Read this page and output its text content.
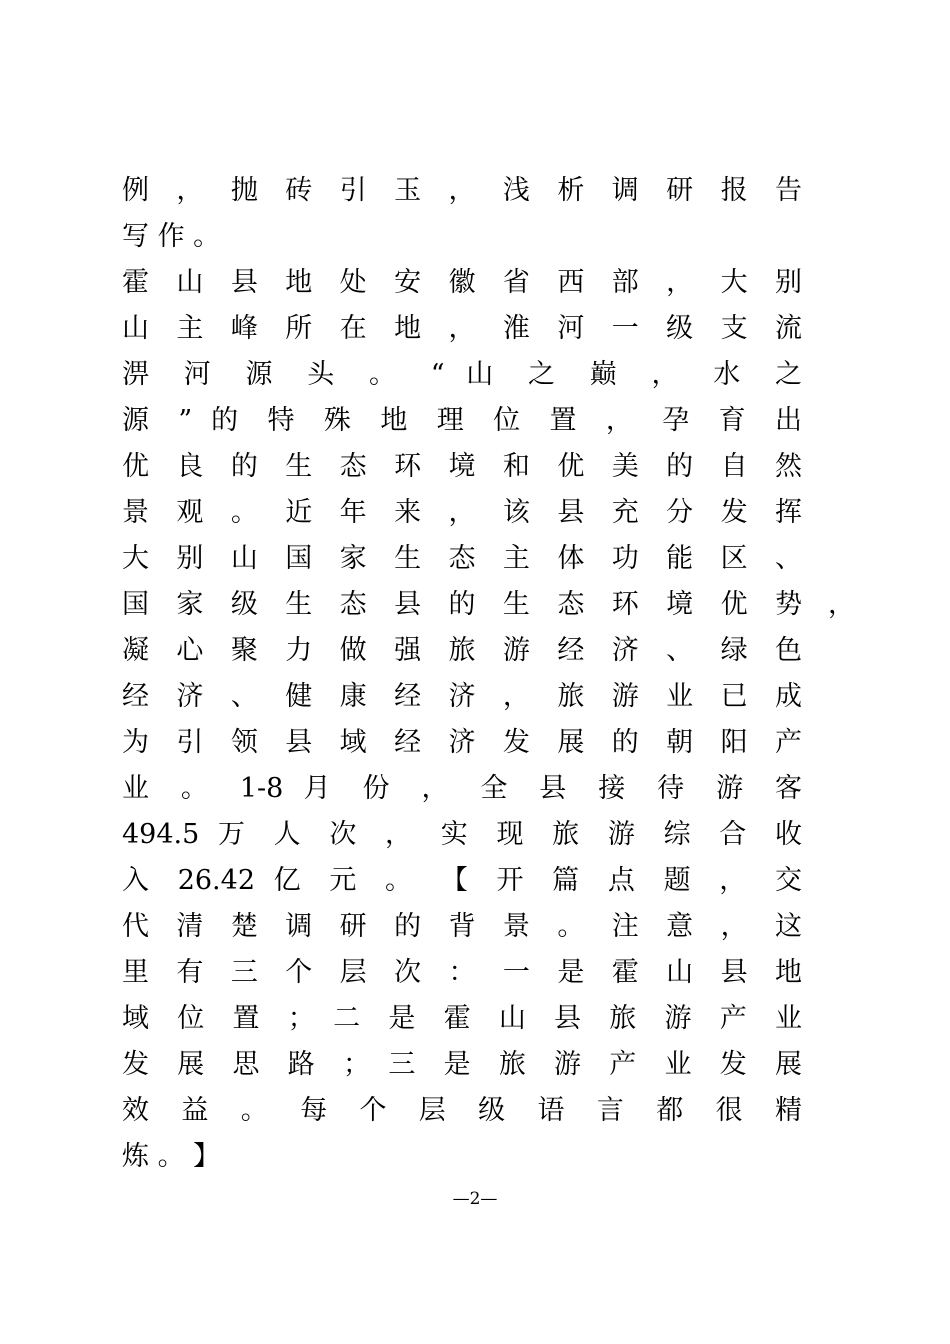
例 ， 抛 砖 引 玉 ， 浅 析 调 研 报 告
写 作 。
霍 山 县 地 处 安 徽 省 西 部 ， 大 别
山 主 峰 所 在 地 ， 淮 河 一 级 支 流
淠 河 源 头 。 “ 山 之 巅 ， 水 之
源 ” 的 特 殊 地 理 位 置 ， 孕 育 出
优 良 的 生 态 环 境 和 优 美 的 自 然
景 观 。 近 年 来 ， 该 县 充 分 发 挥
大 别 山 国 家 生 态 主 体 功 能 区 、
国 家 级 生 态 县 的 生 态 环 境 优 势 ，
凝 心 聚 力 做 强 旅 游 经 济 、 绿 色
经 济 、 健 康 经 济 ， 旅 游 业 已 成
为 引 领 县 域 经 济 发 展 的 朝 阳 产
业 。 1-8 月 份 ， 全 县 接 待 游 客
494.5 万 人 次 ， 实 现 旅 游 综 合 收
入 26.42 亿 元 。 【 开 篇 点 题 ， 交
代 清 楚 调 研 的 背 景 。 注 意 ， 这
里 有 三 个 层 次 ： 一 是 霍 山 县 地
域 位 置 ； 二 是 霍 山 县 旅 游 产 业
发 展 思 路 ； 三 是 旅 游 产 业 发 展
效 益 。 每 个 层 级 语 言 都 很 精
炼 。 】
—2—
